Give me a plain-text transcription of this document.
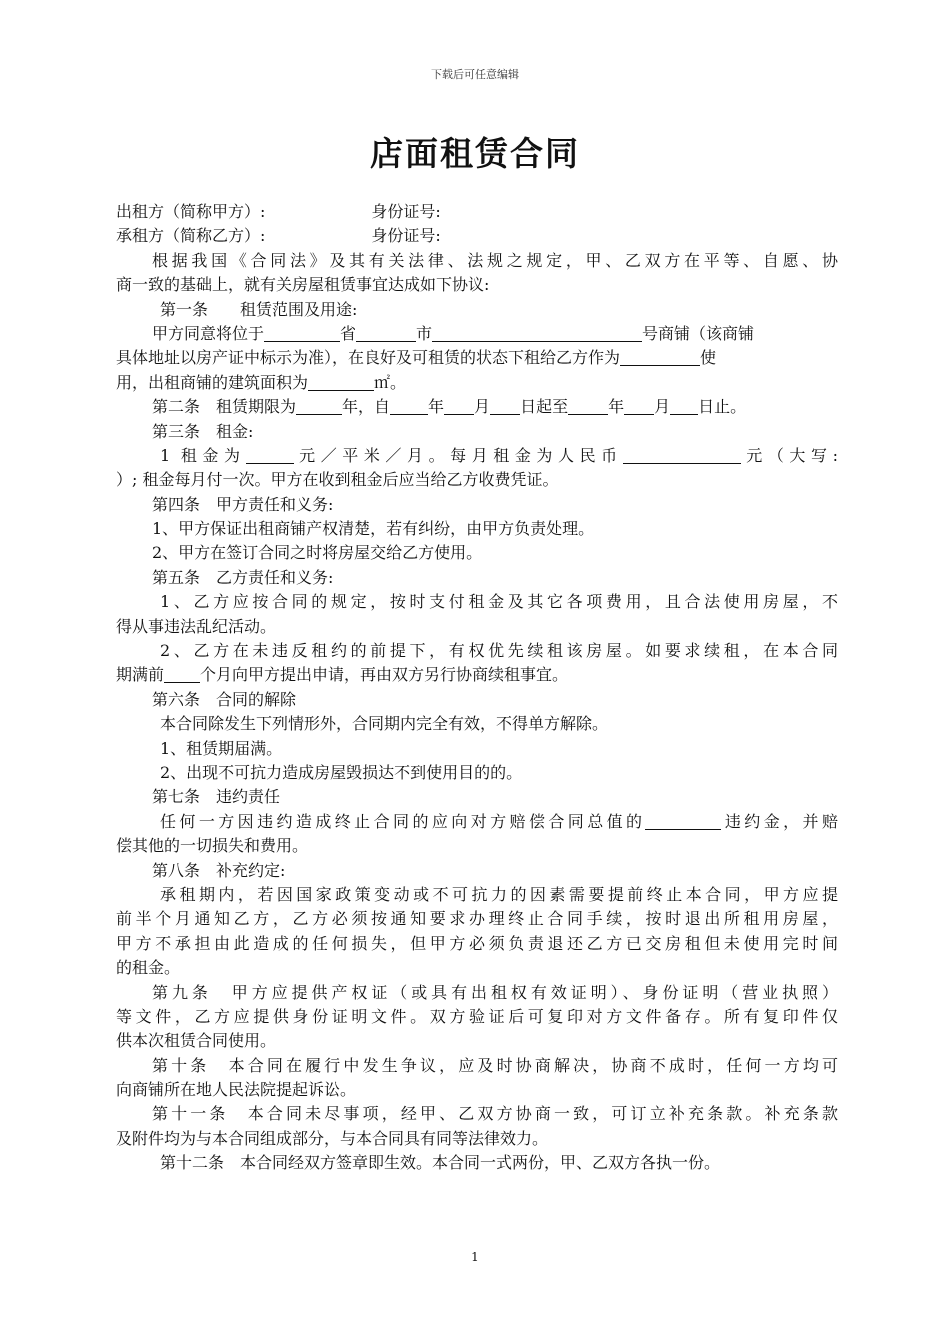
下载后可任意编辑
店面租赁合同
出租方（简称甲方）:	身份证号:
承租方（简称乙方）:	身份证号:
根据我国《合同法》及其有关法律、法规之规定，甲、乙双方在平等、自愿、协
商一致的基础上，就有关房屋租赁事宜达成如下协议:
第一条 租赁范围及用途:
甲方同意将位于	省	市	号商铺（该商铺
具体地址以房产证中标示为准），在良好及可租赁的状态下租给乙方作为	使
用，出租商铺的建筑面积为	㎡。
第二条　租赁期限为	年，自 年 月 日起至	年 月 日止。
第三条　租金:
1 租金为	元／平米／月。每月租金为人民币	元（大写:
）; 租金每月付一次。甲方在收到租金后应当给乙方收费凭证。
第四条　甲方责任和义务:
1、甲方保证出租商铺产权清楚，若有纠纷，由甲方负责处理。
2、甲方在签订合同之时将房屋交给乙方使用。
第五条　乙方责任和义务:
1、乙方应按合同的规定，按时支付租金及其它各项费用，且合法使用房屋，不
得从事违法乱纪活动。
2、乙方在未违反租约的前提下，有权优先续租该房屋。如要求续租，在本合同
期满前 个月向甲方提出申请，再由双方另行协商续租事宜。
第六条　合同的解除
本合同除发生下列情形外，合同期内完全有效，不得单方解除。
1、租赁期届满。
2、出现不可抗力造成房屋毁损达不到使用目的的。
第七条　违约责任
任何一方因违约造成终止合同的应向对方赔偿合同总值的	违约金，并赔
偿其他的一切损失和费用。
第八条　补充约定:
承租期内，若因国家政策变动或不可抗力的因素需要提前终止本合同，甲方应提
前半个月通知乙方，乙方必须按通知要求办理终止合同手续，按时退出所租用房屋，
甲方不承担由此造成的任何损失，但甲方必须负责退还乙方已交房租但未使用完时间
的租金。
第九条　甲方应提供产权证（或具有出租权有效证明）、身份证明（营业执照）
等文件，乙方应提供身份证明文件。双方验证后可复印对方文件备存。所有复印件仅
供本次租赁合同使用。
第十条　本合同在履行中发生争议，应及时协商解决，协商不成时，任何一方均可
向商铺所在地人民法院提起诉讼。
第十一条　本合同未尽事项，经甲、乙双方协商一致，可订立补充条款。补充条款
及附件均为与本合同组成部分，与本合同具有同等法律效力。
第十二条　本合同经双方签章即生效。本合同一式两份，甲、乙双方各执一份。
1
